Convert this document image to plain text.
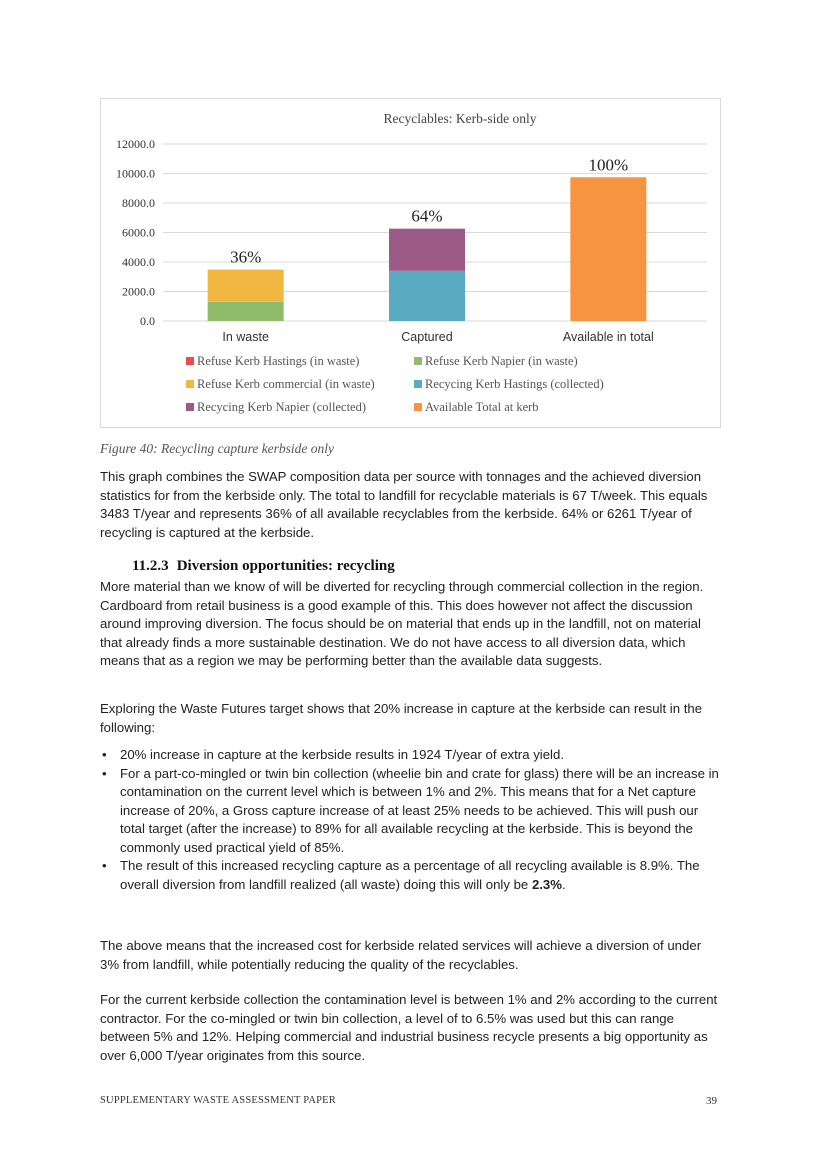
Recyclables: Kerb-side only
0.0
2000.0
4000.0
6000.0
8000.0
10000.0
12000.0
36%
In waste
64%
Captured
100%
Available in total
Refuse Kerb Hastings (in waste)	Refuse Kerb Napier (in waste)
Refuse Kerb commercial (in waste)	Recycing Kerb Hastings (collected)
Recycing Kerb Napier (collected)	Available Total at kerb
Figure 40: Recycling capture kerbside only

This graph combines the SWAP composition data per source with tonnages and the achieved diversion statistics for from the kerbside only. The total to landfill for recyclable materials is 67 T/week. This equals 3483 T/year and represents 36% of all available recyclables from the kerbside. 64% or 6261 T/year of recycling is captured at the kerbside.

11.2.3 Diversion opportunities: recycling

More material than we know of will be diverted for recycling through commercial collection in the region. Cardboard from retail business is a good example of this. This does however not affect the discussion around improving diversion. The focus should be on material that ends up in the landfill, not on material that already finds a more sustainable destination. We do not have access to all diversion data, which means that as a region we may be performing better than the available data suggests.

Exploring the Waste Futures target shows that 20% increase in capture at the kerbside can result in the following:

• 20% increase in capture at the kerbside results in 1924 T/year of extra yield.
• For a part-co-mingled or twin bin collection (wheelie bin and crate for glass) there will be an increase in contamination on the current level which is between 1% and 2%. This means that for a Net capture increase of 20%, a Gross capture increase of at least 25% needs to be achieved. This will push our total target (after the increase) to 89% for all available recycling at the kerbside. This is beyond the commonly used practical yield of 85%.
• The result of this increased recycling capture as a percentage of all recycling available is 8.9%. The overall diversion from landfill realized (all waste) doing this will only be 2.3%.

The above means that the increased cost for kerbside related services will achieve a diversion of under 3% from landfill, while potentially reducing the quality of the recyclables.

For the current kerbside collection the contamination level is between 1% and 2% according to the current contractor. For the co-mingled or twin bin collection, a level of to 6.5% was used but this can range between 5% and 12%. Helping commercial and industrial business recycle presents a big opportunity as over 6,000 T/year originates from this source.

SUPPLEMENTARY WASTE ASSESSMENT PAPER	39
